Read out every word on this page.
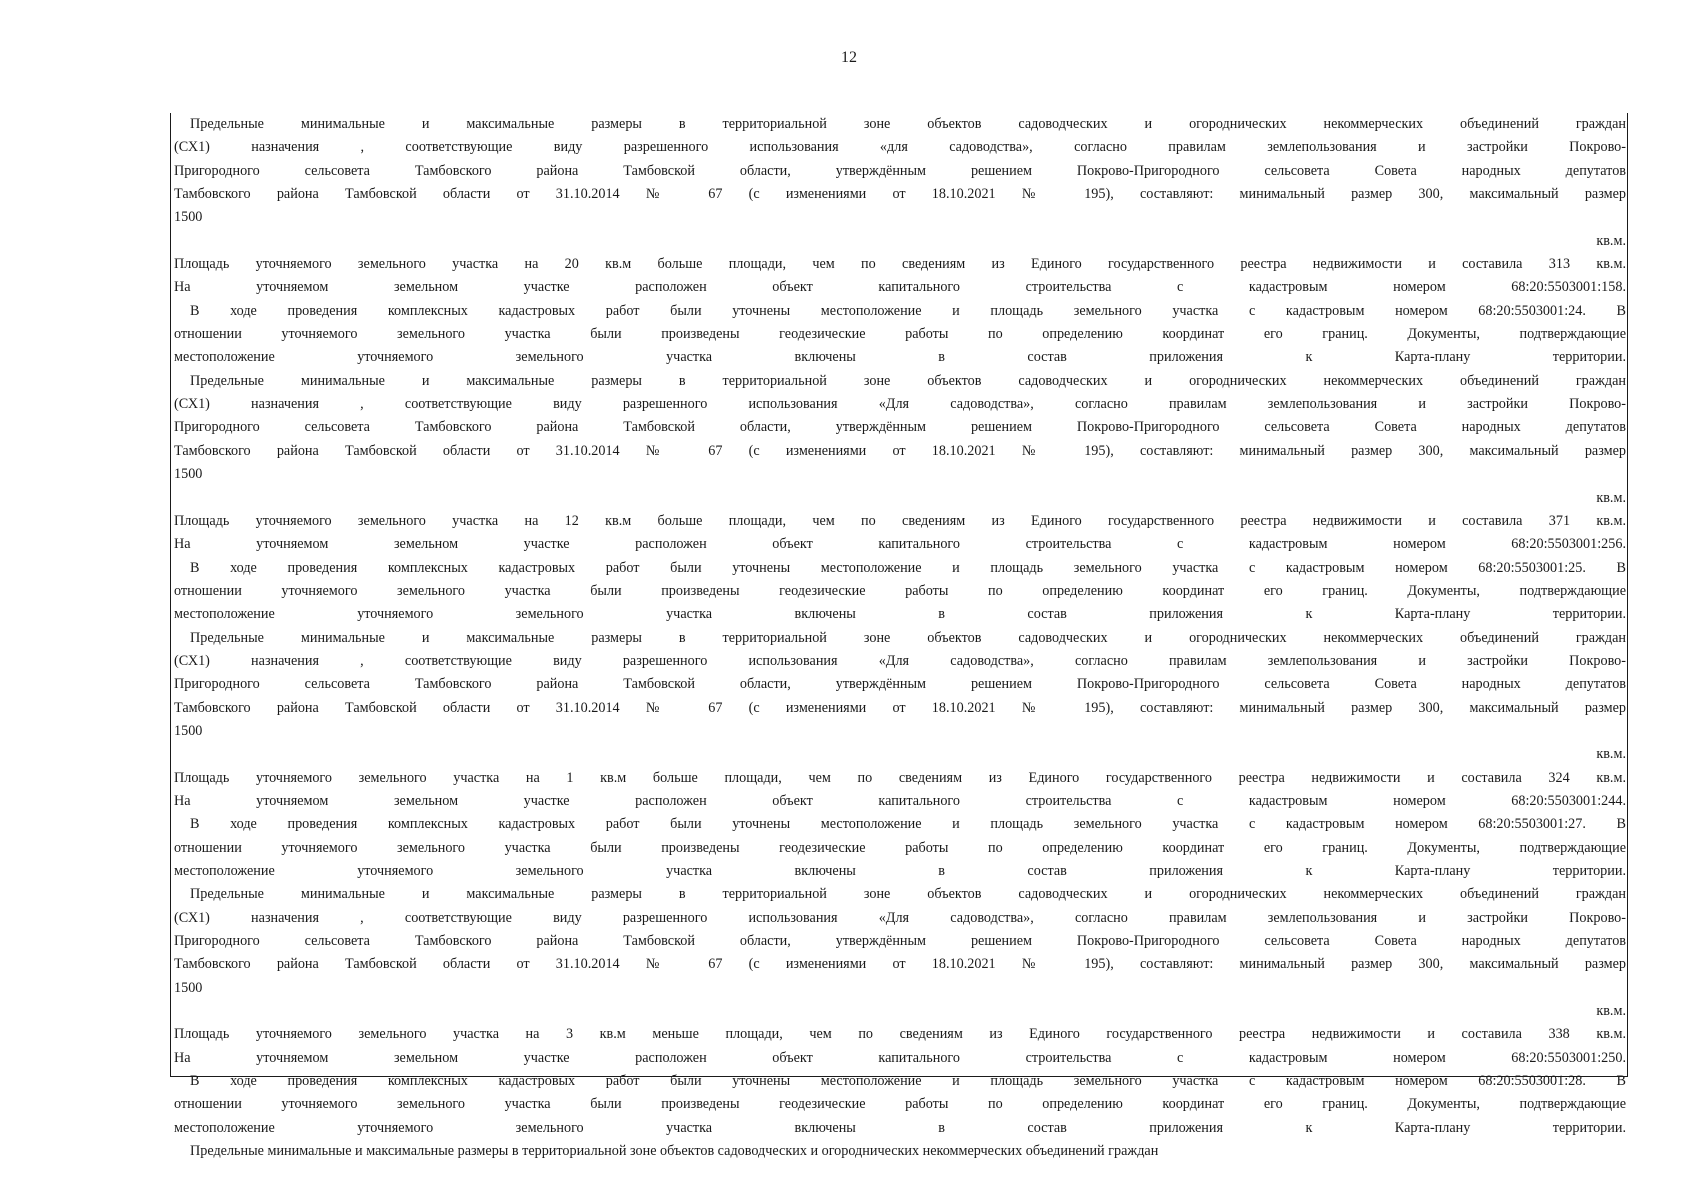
12
Предельные минимальные и максимальные размеры в территориальной зоне объектов садоводческих и огороднических некоммерческих объединений граждан
(СХ1) назначения , соответствующие виду разрешенного использования «для садоводства», согласно правилам землепользования и застройки Покрово-
Пригородного сельсовета Тамбовского района Тамбовской области, утверждённым решением Покрово-Пригородного сельсовета Совета народных депутатов
Тамбовского района Тамбовской области от 31.10.2014 № 67 (с изменениями от 18.10.2021 № 195), составляют: минимальный размер 300, максимальный размер
1500
кв.м.
Площадь уточняемого земельного участка на 20 кв.м больше площади, чем по сведениям из Единого государственного реестра недвижимости и составила 313 кв.м.
На уточняемом земельном участке расположен объект капитального строительства с кадастровым номером 68:20:5503001:158.
В ходе проведения комплексных кадастровых работ были уточнены местоположение и площадь земельного участка с кадастровым номером 68:20:5503001:24. В
отношении уточняемого земельного участка были произведены геодезические работы по определению координат его границ. Документы, подтверждающие
местоположение уточняемого земельного участка включены в состав приложения к Карта-плану территории.
Предельные минимальные и максимальные размеры в территориальной зоне объектов садоводческих и огороднических некоммерческих объединений граждан
(СХ1) назначения , соответствующие виду разрешенного использования «Для садоводства», согласно правилам землепользования и застройки Покрово-
Пригородного сельсовета Тамбовского района Тамбовской области, утверждённым решением Покрово-Пригородного сельсовета Совета народных депутатов
Тамбовского района Тамбовской области от 31.10.2014 № 67 (с изменениями от 18.10.2021 № 195), составляют: минимальный размер 300, максимальный размер
1500
кв.м.
Площадь уточняемого земельного участка на 12 кв.м больше площади, чем по сведениям из Единого государственного реестра недвижимости и составила 371 кв.м.
На уточняемом земельном участке расположен объект капитального строительства с кадастровым номером 68:20:5503001:256.
В ходе проведения комплексных кадастровых работ были уточнены местоположение и площадь земельного участка с кадастровым номером 68:20:5503001:25. В
отношении уточняемого земельного участка были произведены геодезические работы по определению координат его границ. Документы, подтверждающие
местоположение уточняемого земельного участка включены в состав приложения к Карта-плану территории.
Предельные минимальные и максимальные размеры в территориальной зоне объектов садоводческих и огороднических некоммерческих объединений граждан
(СХ1) назначения , соответствующие виду разрешенного использования «Для садоводства», согласно правилам землепользования и застройки Покрово-
Пригородного сельсовета Тамбовского района Тамбовской области, утверждённым решением Покрово-Пригородного сельсовета Совета народных депутатов
Тамбовского района Тамбовской области от 31.10.2014 № 67 (с изменениями от 18.10.2021 № 195), составляют: минимальный размер 300, максимальный размер
1500
кв.м.
Площадь уточняемого земельного участка на 1 кв.м больше площади, чем по сведениям из Единого государственного реестра недвижимости и составила 324 кв.м.
На уточняемом земельном участке расположен объект капитального строительства с кадастровым номером 68:20:5503001:244.
В ходе проведения комплексных кадастровых работ были уточнены местоположение и площадь земельного участка с кадастровым номером 68:20:5503001:27. В
отношении уточняемого земельного участка были произведены геодезические работы по определению координат его границ. Документы, подтверждающие
местоположение уточняемого земельного участка включены в состав приложения к Карта-плану территории.
Предельные минимальные и максимальные размеры в территориальной зоне объектов садоводческих и огороднических некоммерческих объединений граждан
(СХ1) назначения , соответствующие виду разрешенного использования «Для садоводства», согласно правилам землепользования и застройки Покрово-
Пригородного сельсовета Тамбовского района Тамбовской области, утверждённым решением Покрово-Пригородного сельсовета Совета народных депутатов
Тамбовского района Тамбовской области от 31.10.2014 № 67 (с изменениями от 18.10.2021 № 195), составляют: минимальный размер 300, максимальный размер
1500
кв.м.
Площадь уточняемого земельного участка на 3 кв.м меньше площади, чем по сведениям из Единого государственного реестра недвижимости и составила 338 кв.м.
На уточняемом земельном участке расположен объект капитального строительства с кадастровым номером 68:20:5503001:250.
В ходе проведения комплексных кадастровых работ были уточнены местоположение и площадь земельного участка с кадастровым номером 68:20:5503001:28. В
отношении уточняемого земельного участка были произведены геодезические работы по определению координат его границ. Документы, подтверждающие
местоположение уточняемого земельного участка включены в состав приложения к Карта-плану территории.
Предельные минимальные и максимальные размеры в территориальной зоне объектов садоводческих и огороднических некоммерческих объединений граждан
